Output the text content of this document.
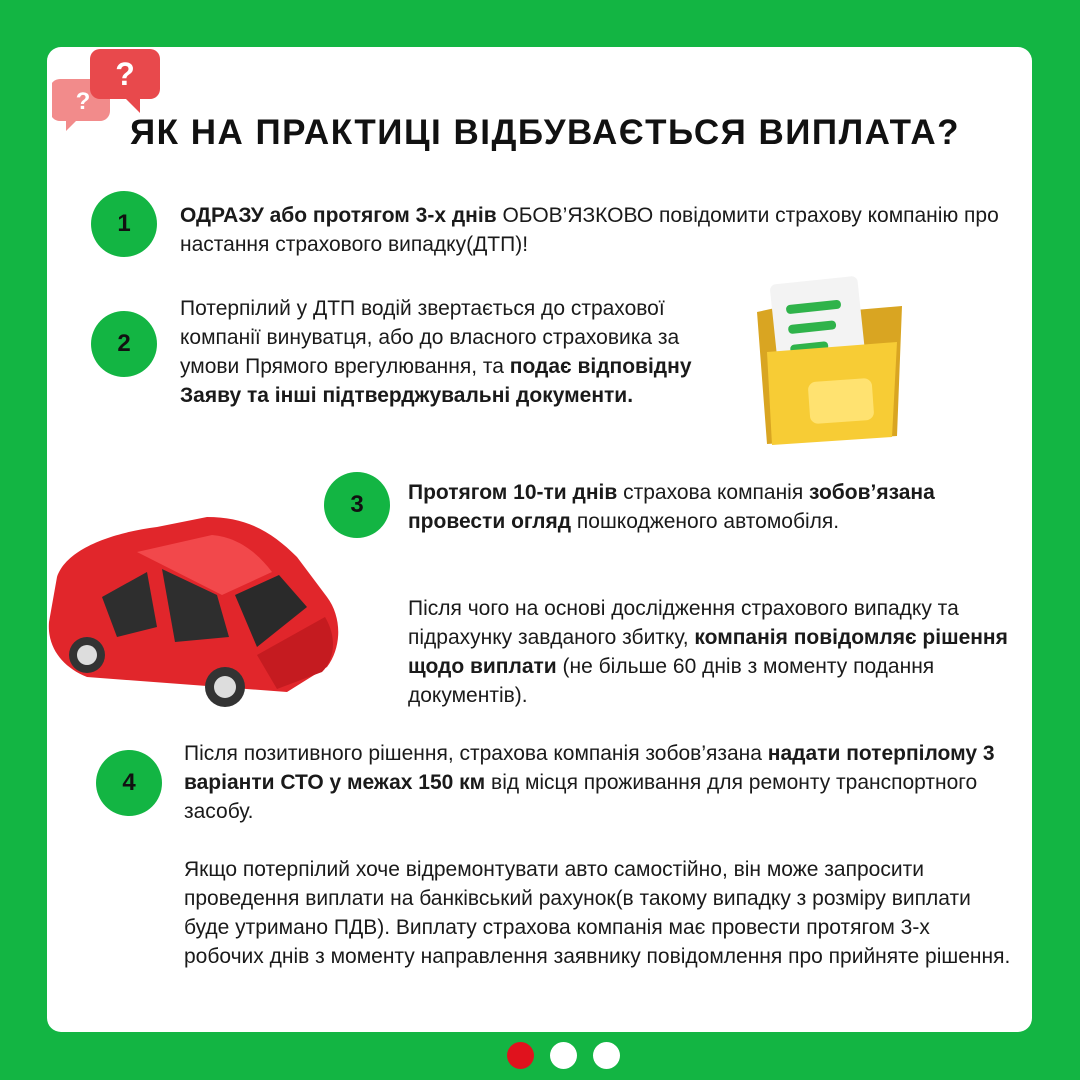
?
?
ЯК НА ПРАКТИЦІ ВІДБУВАЄТЬСЯ ВИПЛАТА?
1	ОДРАЗУ або протягом 3-х днів ОБОВ’ЯЗКОВО повідомити страхову компанію про настання страхового випадку(ДТП)!

2

Потерпілий у ДТП водій звертається до страхової компанії винуватця, або до власного страховика за умови Прямого врегулювання, та подає відповідну Заяву та інші підтверджувальні документи.

3	Протягом 10-ти днів страхова компанія зобов’язана провести огляд пошкодженого автомобіля.

Після чого на основі дослідження страхового випадку та підрахунку завданого збитку, компанія повідомляє рішення щодо виплати (не більше 60 днів з моменту подання документів).

4

Після позитивного рішення, страхова компанія зобов’язана надати потерпілому 3 варіанти СТО у межах 150 км від місця проживання для ремонту транспортного засобу.

Якщо потерпілий хоче відремонтувати авто самостійно, він може запросити проведення виплати на банківський рахунок(в такому випадку з розміру виплати буде утримано ПДВ). Виплату страхова компанія має провести протягом 3-х робочих днів з моменту направлення заявнику повідомлення про прийняте рішення.
